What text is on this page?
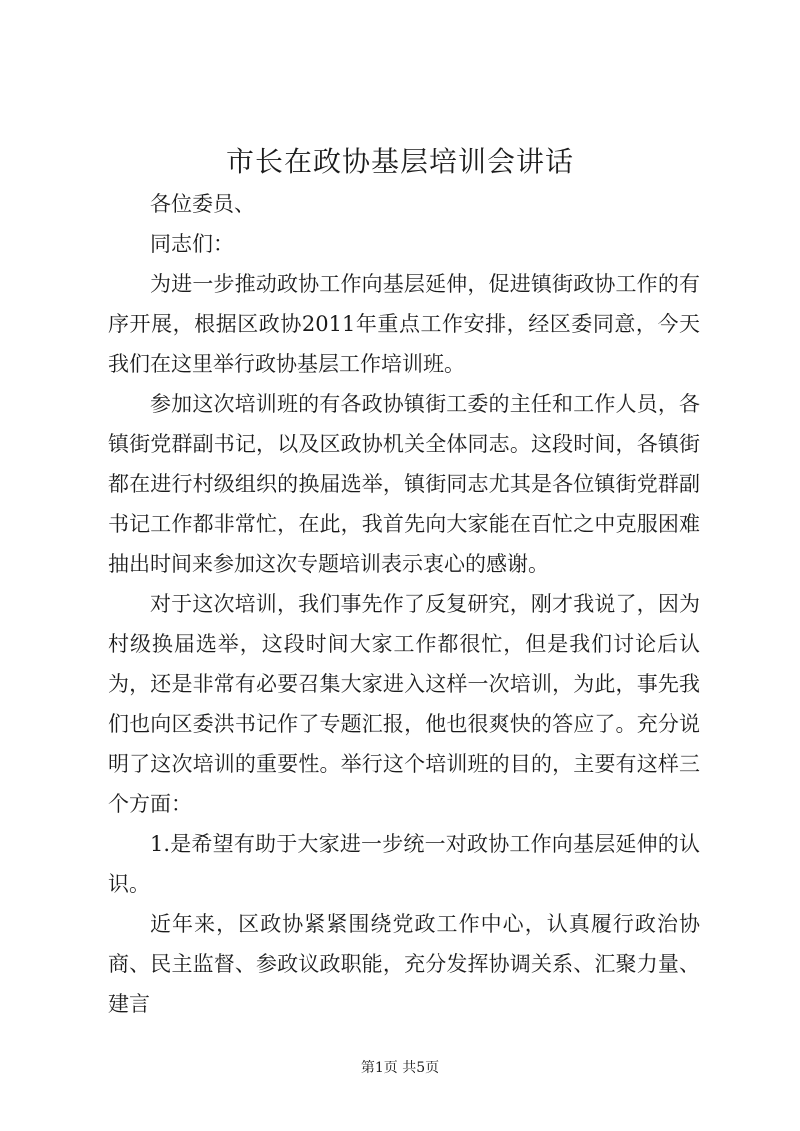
市长在政协基层培训会讲话

各位委员、

同志们：

为进一步推动政协工作向基层延伸，促进镇街政协工作的有序开展，根据区政协2011年重点工作安排，经区委同意，今天我们在这里举行政协基层工作培训班。

参加这次培训班的有各政协镇街工委的主任和工作人员，各镇街党群副书记，以及区政协机关全体同志。这段时间，各镇街都在进行村级组织的换届选举，镇街同志尤其是各位镇街党群副书记工作都非常忙，在此，我首先向大家能在百忙之中克服困难抽出时间来参加这次专题培训表示衷心的感谢。

对于这次培训，我们事先作了反复研究，刚才我说了，因为村级换届选举，这段时间大家工作都很忙，但是我们讨论后认为，还是非常有必要召集大家进入这样一次培训，为此，事先我们也向区委洪书记作了专题汇报，他也很爽快的答应了。充分说明了这次培训的重要性。举行这个培训班的目的，主要有这样三个方面：

1.是希望有助于大家进一步统一对政协工作向基层延伸的认识。

近年来，区政协紧紧围绕党政工作中心，认真履行政治协商、民主监督、参政议政职能，充分发挥协调关系、汇聚力量、建言

第1页 共5页
